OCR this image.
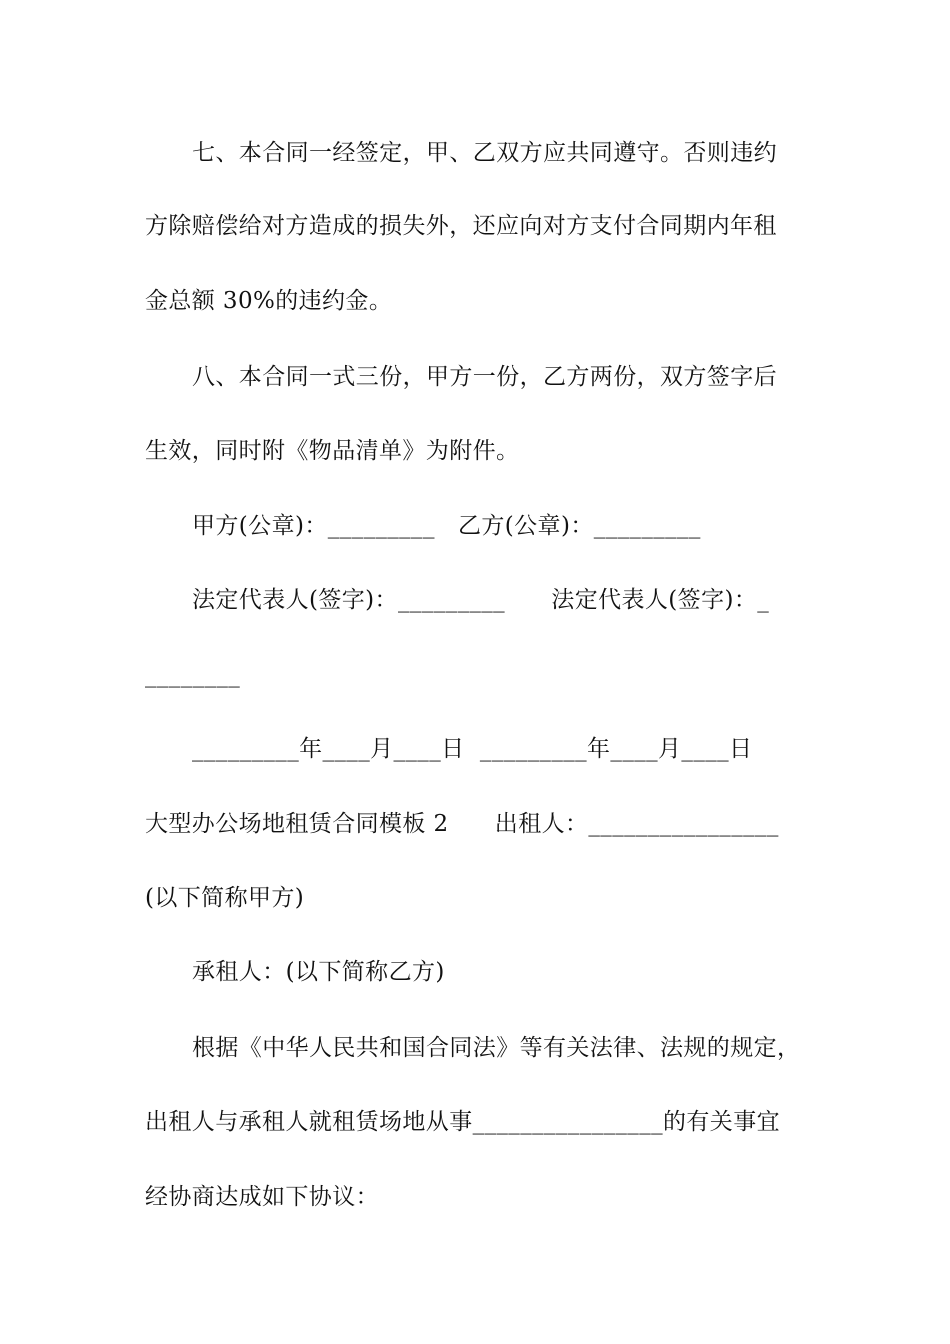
七、本合同一经签定，甲、乙双方应共同遵守。否则违约
方除赔偿给对方造成的损失外，还应向对方支付合同期内年租
金总额 30%的违约金。
八、本合同一式三份，甲方一份，乙方两份，双方签字后
生效，同时附《物品清单》为附件。
甲方(公章)：_________   乙方(公章)：_________
法定代表人(签字)：_________      法定代表人(签字)：_
________
_________年____月____日  _________年____月____日
大型办公场地租赁合同模板 2      出租人：________________
(以下简称甲方)
承租人：(以下简称乙方)
根据《中华人民共和国合同法》等有关法律、法规的规定，
出租人与承租人就租赁场地从事________________的有关事宜
经协商达成如下协议：
